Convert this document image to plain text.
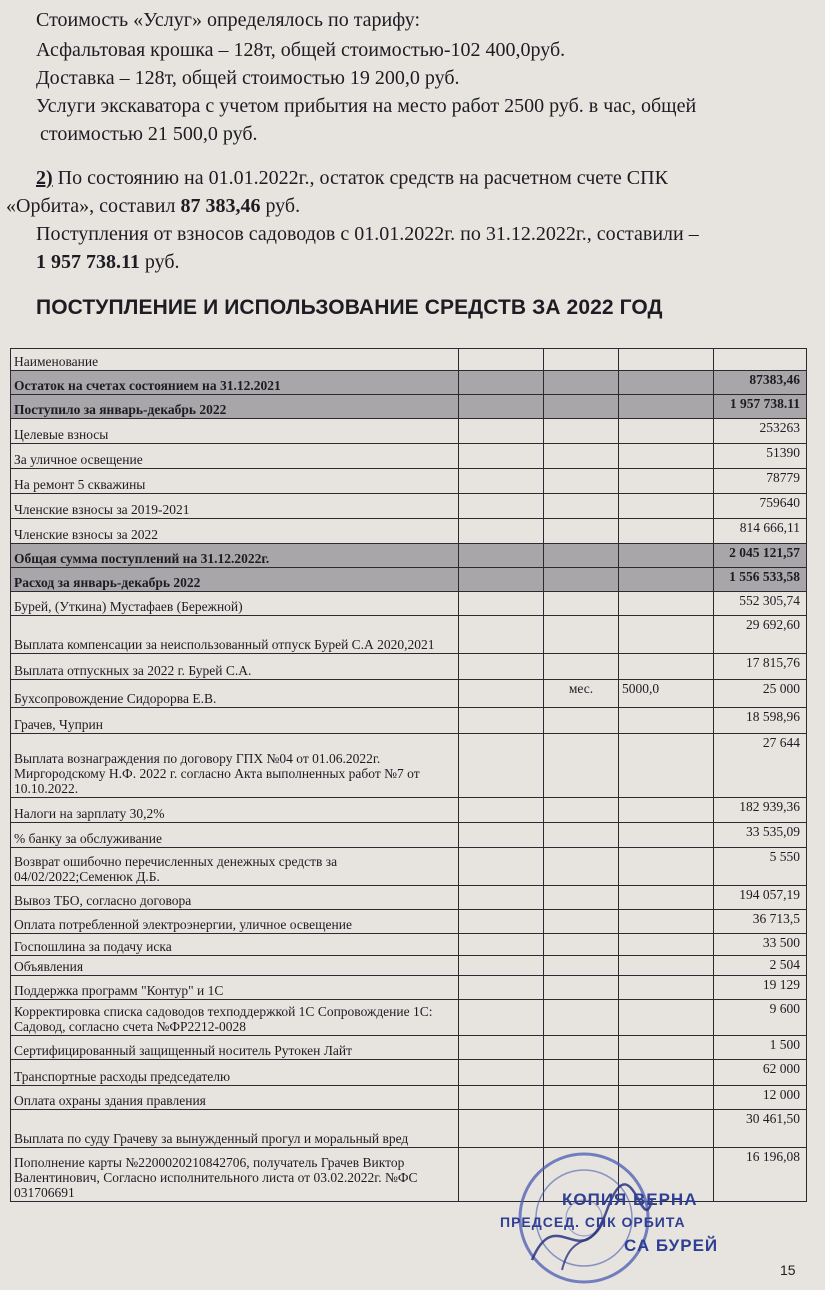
Стоимость «Услуг» определялось по тарифу:
Асфальтовая крошка – 128т, общей стоимостью-102 400,0руб.
Доставка – 128т, общей стоимостью 19 200,0 руб.
Услуги экскаватора с учетом прибытия на место работ 2500 руб. в час, общей
стоимостью 21 500,0 руб.
2) По состоянию на 01.01.2022г., остаток средств на расчетном счете СПК
«Орбита», составил 87 383,46 руб.
Поступления от взносов садоводов с 01.01.2022г. по 31.12.2022г., составили –
1 957 738.11 руб.
ПОСТУПЛЕНИЕ И ИСПОЛЬЗОВАНИЕ СРЕДСТВ ЗА 2022 ГОД
Наименование				
Остаток на счетах состоянием на 31.12.2021				87383,46
Поступило за январь-декабрь 2022				1 957 738.11
Целевые взносы				253263
За уличное освещение				51390
На ремонт 5 скважины				78779
Членские взносы за 2019-2021				759640
Членские взносы за 2022				814 666,11
Общая сумма поступлений на 31.12.2022г.				2 045 121,57
Расход за январь-декабрь 2022				1 556 533,58
Бурей, (Уткина) Мустафаев (Бережной)				552 305,74
Выплата компенсации за неиспользованный отпуск Бурей С.А 2020,2021				29 692,60
Выплата отпускных за 2022 г. Бурей С.А.				17 815,76
Бухсопровождение Сидорорва Е.В.		мес.	5000,0	25 000
Грачев, Чуприн				18 598,96
Выплата вознаграждения по договору ГПХ №04 от 01.06.2022г. Миргородскому Н.Ф. 2022 г. согласно Акта выполненных работ №7 от 10.10.2022.				27 644
Налоги на зарплату 30,2%				182 939,36
% банку за обслуживание				33 535,09
Возврат ошибочно перечисленных денежных средств за 04/02/2022;Семенюк Д.Б.				5 550
Вывоз ТБО, согласно договора				194 057,19
Оплата потребленной электроэнергии, уличное освещение				36 713,5
Госпошлина за подачу иска				33 500
Объявления				2 504
Поддержка программ "Контур" и 1С				19 129
Корректировка списка садоводов техподдержкой 1С Сопровождение 1С: Садовод, согласно счета №ФР2212-0028				9 600
Сертифицированный защищенный носитель Рутокен Лайт				1 500
Транспортные расходы председателю				62 000
Оплата охраны здания правления				12 000
Выплата по суду Грачеву за вынужденный прогул и моральный вред				30 461,50
Пополнение карты №2200020210842706, получатель Грачев Виктор Валентинович, Согласно исполнительного листа от 03.02.2022г. №ФС 031706691				16 196,08
КОПИЯ ВЕРНА
ПРЕДСЕД. СПК ОРБИТА
СА БУРЕЙ
15
